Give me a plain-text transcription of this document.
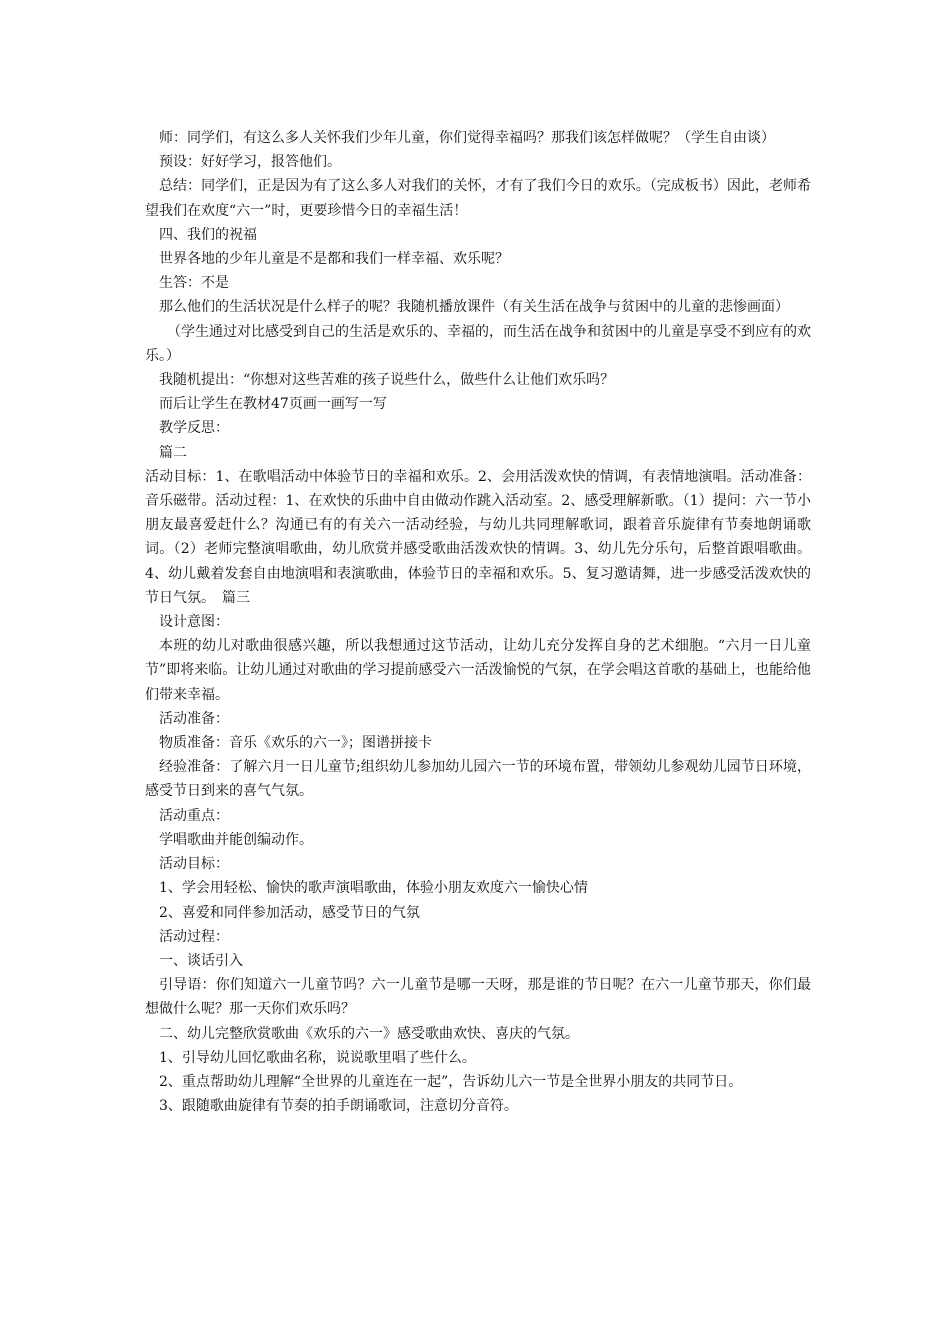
师：同学们，有这么多人关怀我们少年儿童，你们觉得幸福吗？那我们该怎样做呢？（学生自由谈）

预设：好好学习，报答他们。

总结：同学们，正是因为有了这么多人对我们的关怀，才有了我们今日的欢乐。（完成板书）因此，老师希望我们在欢度“六一”时，更要珍惜今日的幸福生活！

四、我们的祝福

世界各地的少年儿童是不是都和我们一样幸福、欢乐呢？

生答：不是

那么他们的生活状况是什么样子的呢？我随机播放课件（有关生活在战争与贫困中的儿童的悲惨画面）

（学生通过对比感受到自己的生活是欢乐的、幸福的，而生活在战争和贫困中的儿童是享受不到应有的欢乐。）

我随机提出：“你想对这些苦难的孩子说些什么，做些什么让他们欢乐吗？

而后让学生在教材47页画一画写一写

教学反思：

篇二

活动目标：1、在歌唱活动中体验节日的幸福和欢乐。2、会用活泼欢快的情调，有表情地演唱。活动准备：音乐磁带。活动过程：1、在欢快的乐曲中自由做动作跳入活动室。2、感受理解新歌。（1）提问：六一节小朋友最喜爱赶什么？沟通已有的有关六一活动经验，与幼儿共同理解歌词，跟着音乐旋律有节奏地朗诵歌词。（2）老师完整演唱歌曲，幼儿欣赏并感受歌曲活泼欢快的情调。3、幼儿先分乐句，后整首跟唱歌曲。4、幼儿戴着发套自由地演唱和表演歌曲，体验节日的幸福和欢乐。5、复习邀请舞，进一步感受活泼欢快的节日气氛。　篇三

设计意图：

本班的幼儿对歌曲很感兴趣，所以我想通过这节活动，让幼儿充分发挥自身的艺术细胞。“六月一日儿童节”即将来临。让幼儿通过对歌曲的学习提前感受六一活泼愉悦的气氛，在学会唱这首歌的基础上，也能给他们带来幸福。

活动准备：

物质准备：音乐《欢乐的六一》；图谱拼接卡

经验准备：了解六月一日儿童节;组织幼儿参加幼儿园六一节的环境布置，带领幼儿参观幼儿园节日环境，感受节日到来的喜气气氛。

活动重点：

学唱歌曲并能创编动作。

活动目标：

1、学会用轻松、愉快的歌声演唱歌曲，体验小朋友欢度六一愉快心情

2、喜爱和同伴参加活动，感受节日的气氛

活动过程：

一、谈话引入

引导语：你们知道六一儿童节吗？六一儿童节是哪一天呀，那是谁的节日呢？在六一儿童节那天，你们最想做什么呢？那一天你们欢乐吗？

二、幼儿完整欣赏歌曲《欢乐的六一》感受歌曲欢快、喜庆的气氛。

1、引导幼儿回忆歌曲名称，说说歌里唱了些什么。

2、重点帮助幼儿理解“全世界的儿童连在一起”，告诉幼儿六一节是全世界小朋友的共同节日。

3、跟随歌曲旋律有节奏的拍手朗诵歌词，注意切分音符。
